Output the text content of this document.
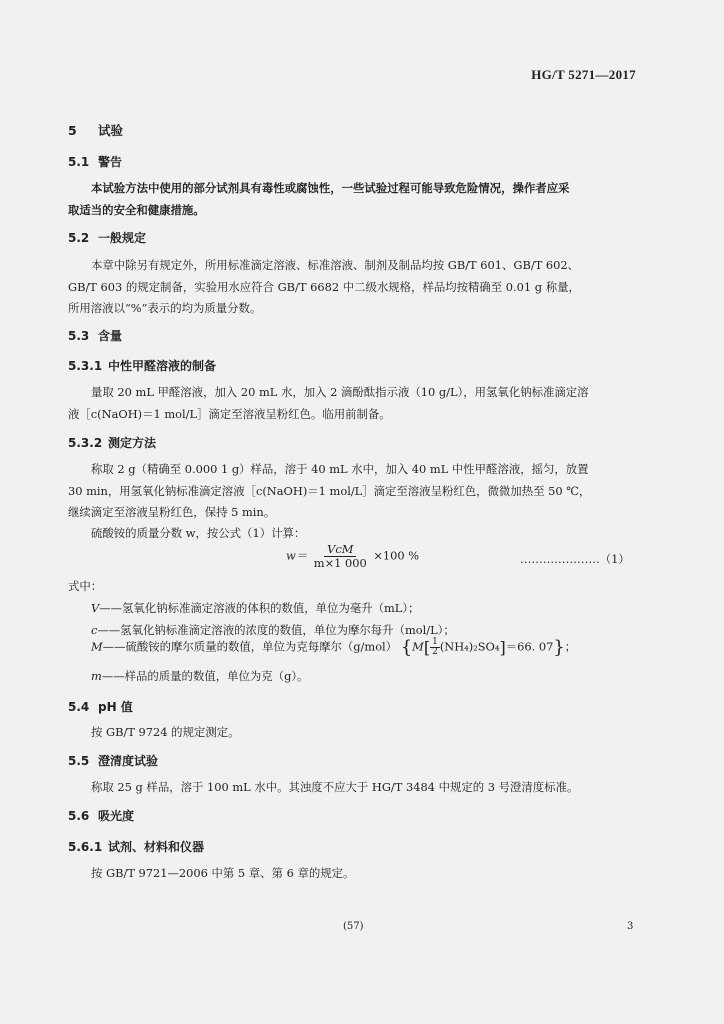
HG/T 5271—2017
5 试验
5.1 警告
本试验方法中使用的部分试剂具有毒性或腐蚀性，一些试验过程可能导致危险情况，操作者应采
取适当的安全和健康措施。
5.2 一般规定
本章中除另有规定外，所用标准滴定溶液、标准溶液、制剂及制品均按 GB/T 601、GB/T 602、
GB/T 603 的规定制备，实验用水应符合 GB/T 6682 中二级水规格，样品均按精确至 0.01 g 称量，
所用溶液以“%”表示的均为质量分数。
5.3 含量
5.3.1 中性甲醛溶液的制备
量取 20 mL 甲醛溶液，加入 20 mL 水，加入 2 滴酚酞指示液（10 g/L），用氢氧化钠标准滴定溶
液［c(NaOH)＝1 mol/L］滴定至溶液呈粉红色。临用前制备。
5.3.2 测定方法
称取 2 g（精确至 0.000 1 g）样品，溶于 40 mL 水中，加入 40 mL 中性甲醛溶液，摇匀，放置
30 min，用氢氧化钠标准滴定溶液［c(NaOH)＝1 mol/L］滴定至溶液呈粉红色，微微加热至 50 ℃，
继续滴定至溶液呈粉红色，保持 5 min。
硫酸铵的质量分数 w，按公式（1）计算：
$w= \frac{\text{VcM}}{m\times 1 000} \times 100$ %	…………………（1）
式中：
V——氢氧化钠标准滴定溶液的体积的数值，单位为毫升（mL）；
c——氢氧化钠标准滴定溶液的浓度的数值，单位为摩尔每升（mol/L）；
M——硫酸铵的摩尔质量的数值，单位为克每摩尔（g/mol） {$M[ \frac{1}{2} (NH_4)_2SO_4]=66$. 07}；
m——样品的质量的数值，单位为克（g）。
5.4 pH 值
按 GB/T 9724 的规定测定。
5.5 澄清度试验
称取 25 g 样品，溶于 100 mL 水中。其浊度不应大于 HG/T 3484 中规定的 3 号澄清度标准。
5.6 吸光度
5.6.1 试剂、材料和仪器
按 GB/T 9721—2006 中第 5 章、第 6 章的规定。
(57)	3
